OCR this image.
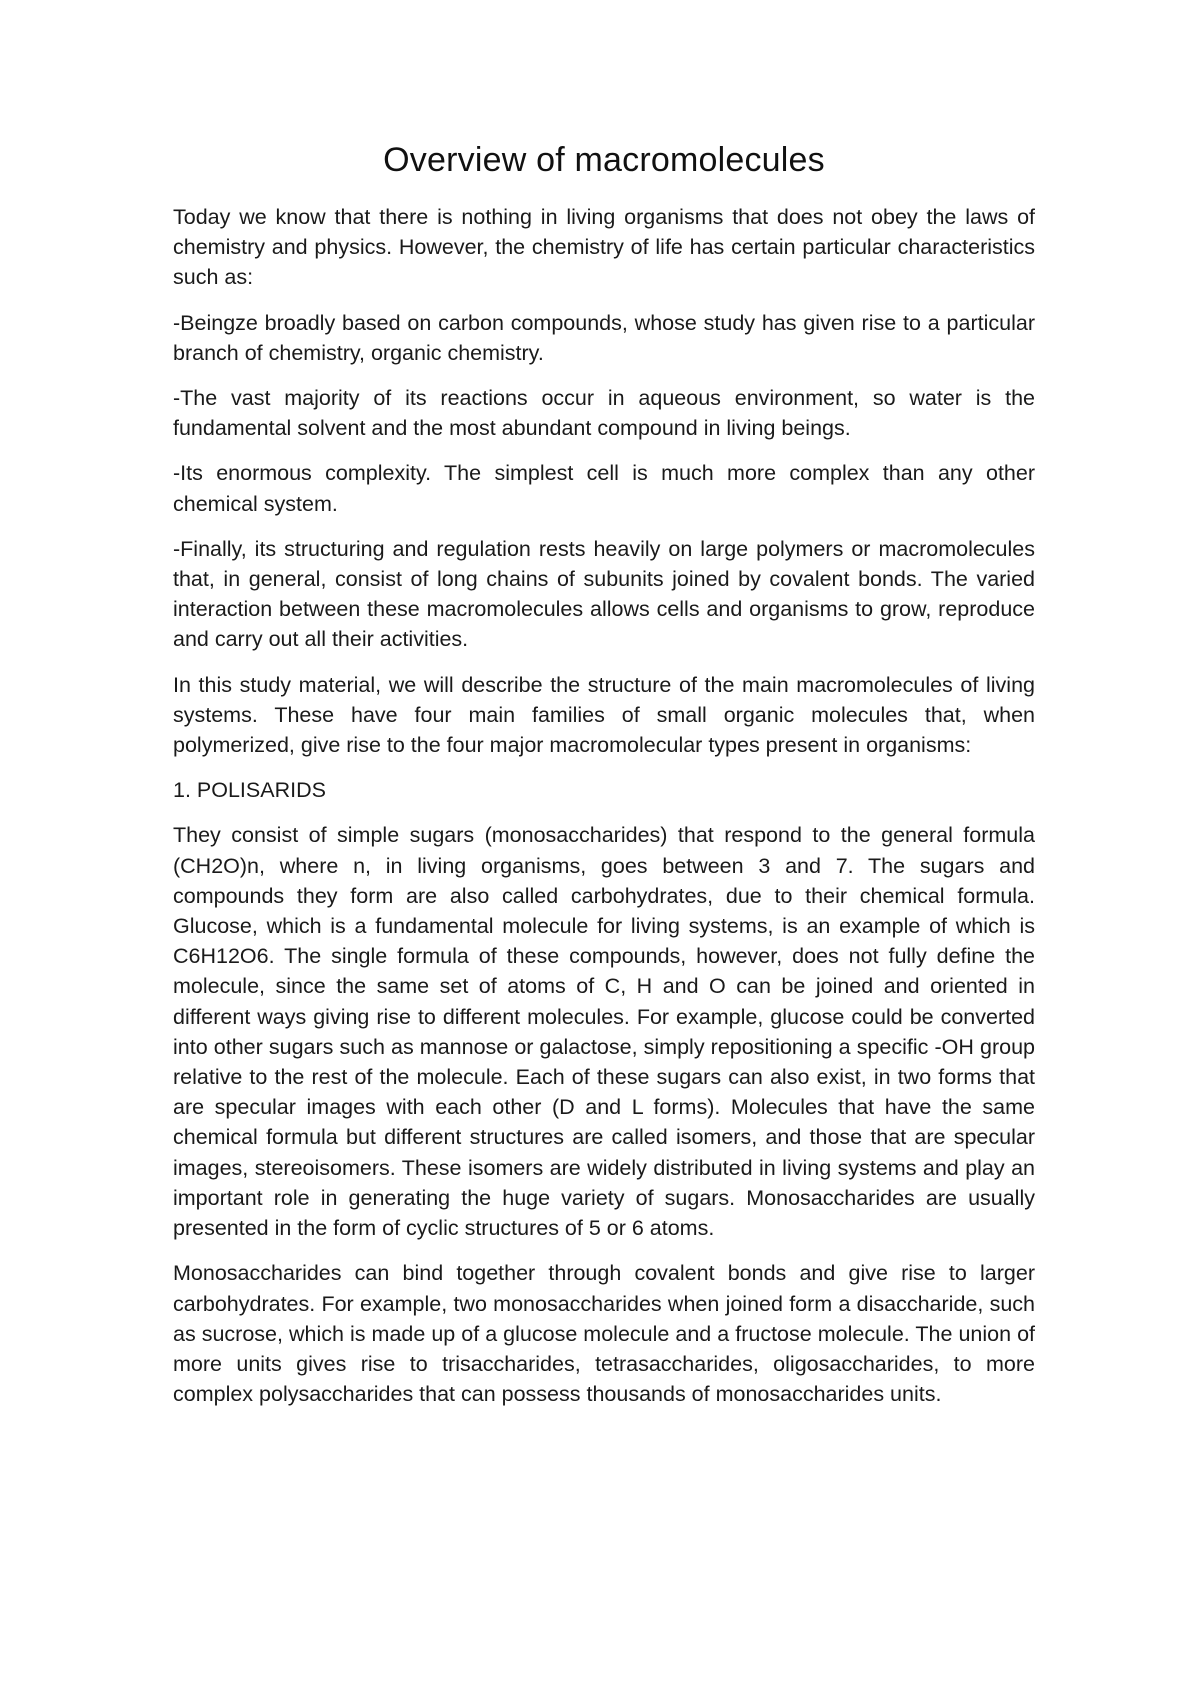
Overview of macromolecules

Today we know that there is nothing in living organisms that does not obey the laws of chemistry and physics. However, the chemistry of life has certain particular characteristics such as:

-Beingze broadly based on carbon compounds, whose study has given rise to a particular branch of chemistry, organic chemistry.

-The vast majority of its reactions occur in aqueous environment, so water is the fundamental solvent and the most abundant compound in living beings.

-Its enormous complexity. The simplest cell is much more complex than any other chemical system.

-Finally, its structuring and regulation rests heavily on large polymers or macromolecules that, in general, consist of long chains of subunits joined by covalent bonds. The varied interaction between these macromolecules allows cells and organisms to grow, reproduce and carry out all their activities.

In this study material, we will describe the structure of the main macromolecules of living systems. These have four main families of small organic molecules that, when polymerized, give rise to the four major macromolecular types present in organisms:

1. POLISARIDS

They consist of simple sugars (monosaccharides) that respond to the general formula (CH2O)n, where n, in living organisms, goes between 3 and 7. The sugars and compounds they form are also called carbohydrates, due to their chemical formula. Glucose, which is a fundamental molecule for living systems, is an example of which is C6H12O6. The single formula of these compounds, however, does not fully define the molecule, since the same set of atoms of C, H and O can be joined and oriented in different ways giving rise to different molecules. For example, glucose could be converted into other sugars such as mannose or galactose, simply repositioning a specific -OH group relative to the rest of the molecule. Each of these sugars can also exist, in two forms that are specular images with each other (D and L forms). Molecules that have the same chemical formula but different structures are called isomers, and those that are specular images, stereoisomers. These isomers are widely distributed in living systems and play an important role in generating the huge variety of sugars. Monosaccharides are usually presented in the form of cyclic structures of 5 or 6 atoms.

Monosaccharides can bind together through covalent bonds and give rise to larger carbohydrates. For example, two monosaccharides when joined form a disaccharide, such as sucrose, which is made up of a glucose molecule and a fructose molecule. The union of more units gives rise to trisaccharides, tetrasaccharides, oligosaccharides, to more complex polysaccharides that can possess thousands of monosaccharides units.
